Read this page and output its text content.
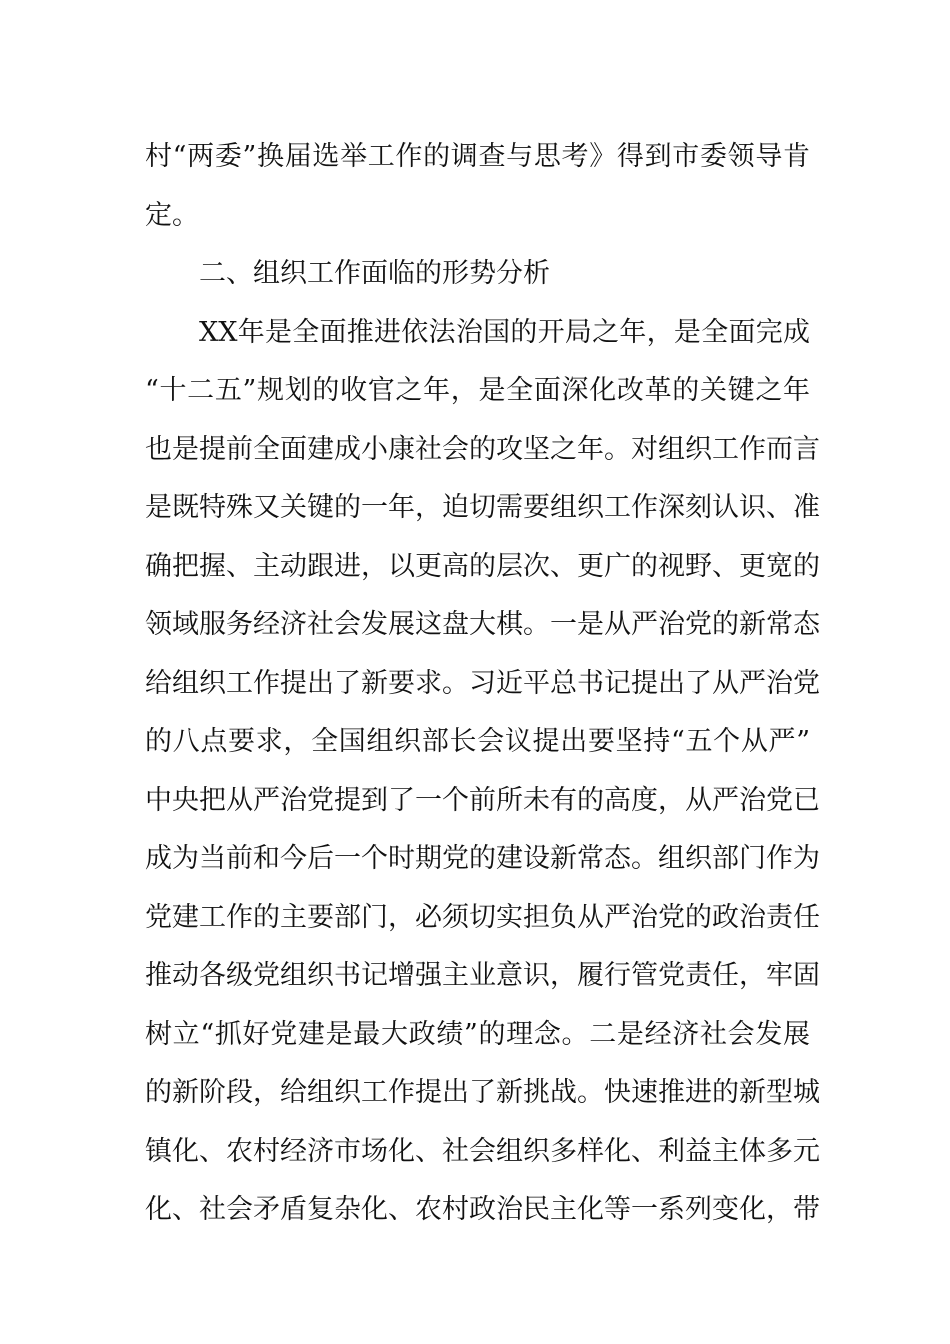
村“两委”换届选举工作的调查与思考》得到市委领导肯
定。
二、组织工作面临的形势分析
XX年是全面推进依法治国的开局之年，是全面完成
“十二五”规划的收官之年，是全面深化改革的关键之年
也是提前全面建成小康社会的攻坚之年。对组织工作而言
是既特殊又关键的一年，迫切需要组织工作深刻认识、准
确把握、主动跟进，以更高的层次、更广的视野、更宽的
领域服务经济社会发展这盘大棋。一是从严治党的新常态
给组织工作提出了新要求。习近平总书记提出了从严治党
的八点要求，全国组织部长会议提出要坚持“五个从严”
中央把从严治党提到了一个前所未有的高度，从严治党已
成为当前和今后一个时期党的建设新常态。组织部门作为
党建工作的主要部门，必须切实担负从严治党的政治责任
推动各级党组织书记增强主业意识，履行管党责任，牢固
树立“抓好党建是最大政绩”的理念。二是经济社会发展
的新阶段，给组织工作提出了新挑战。快速推进的新型城
镇化、农村经济市场化、社会组织多样化、利益主体多元
化、社会矛盾复杂化、农村政治民主化等一系列变化，带
